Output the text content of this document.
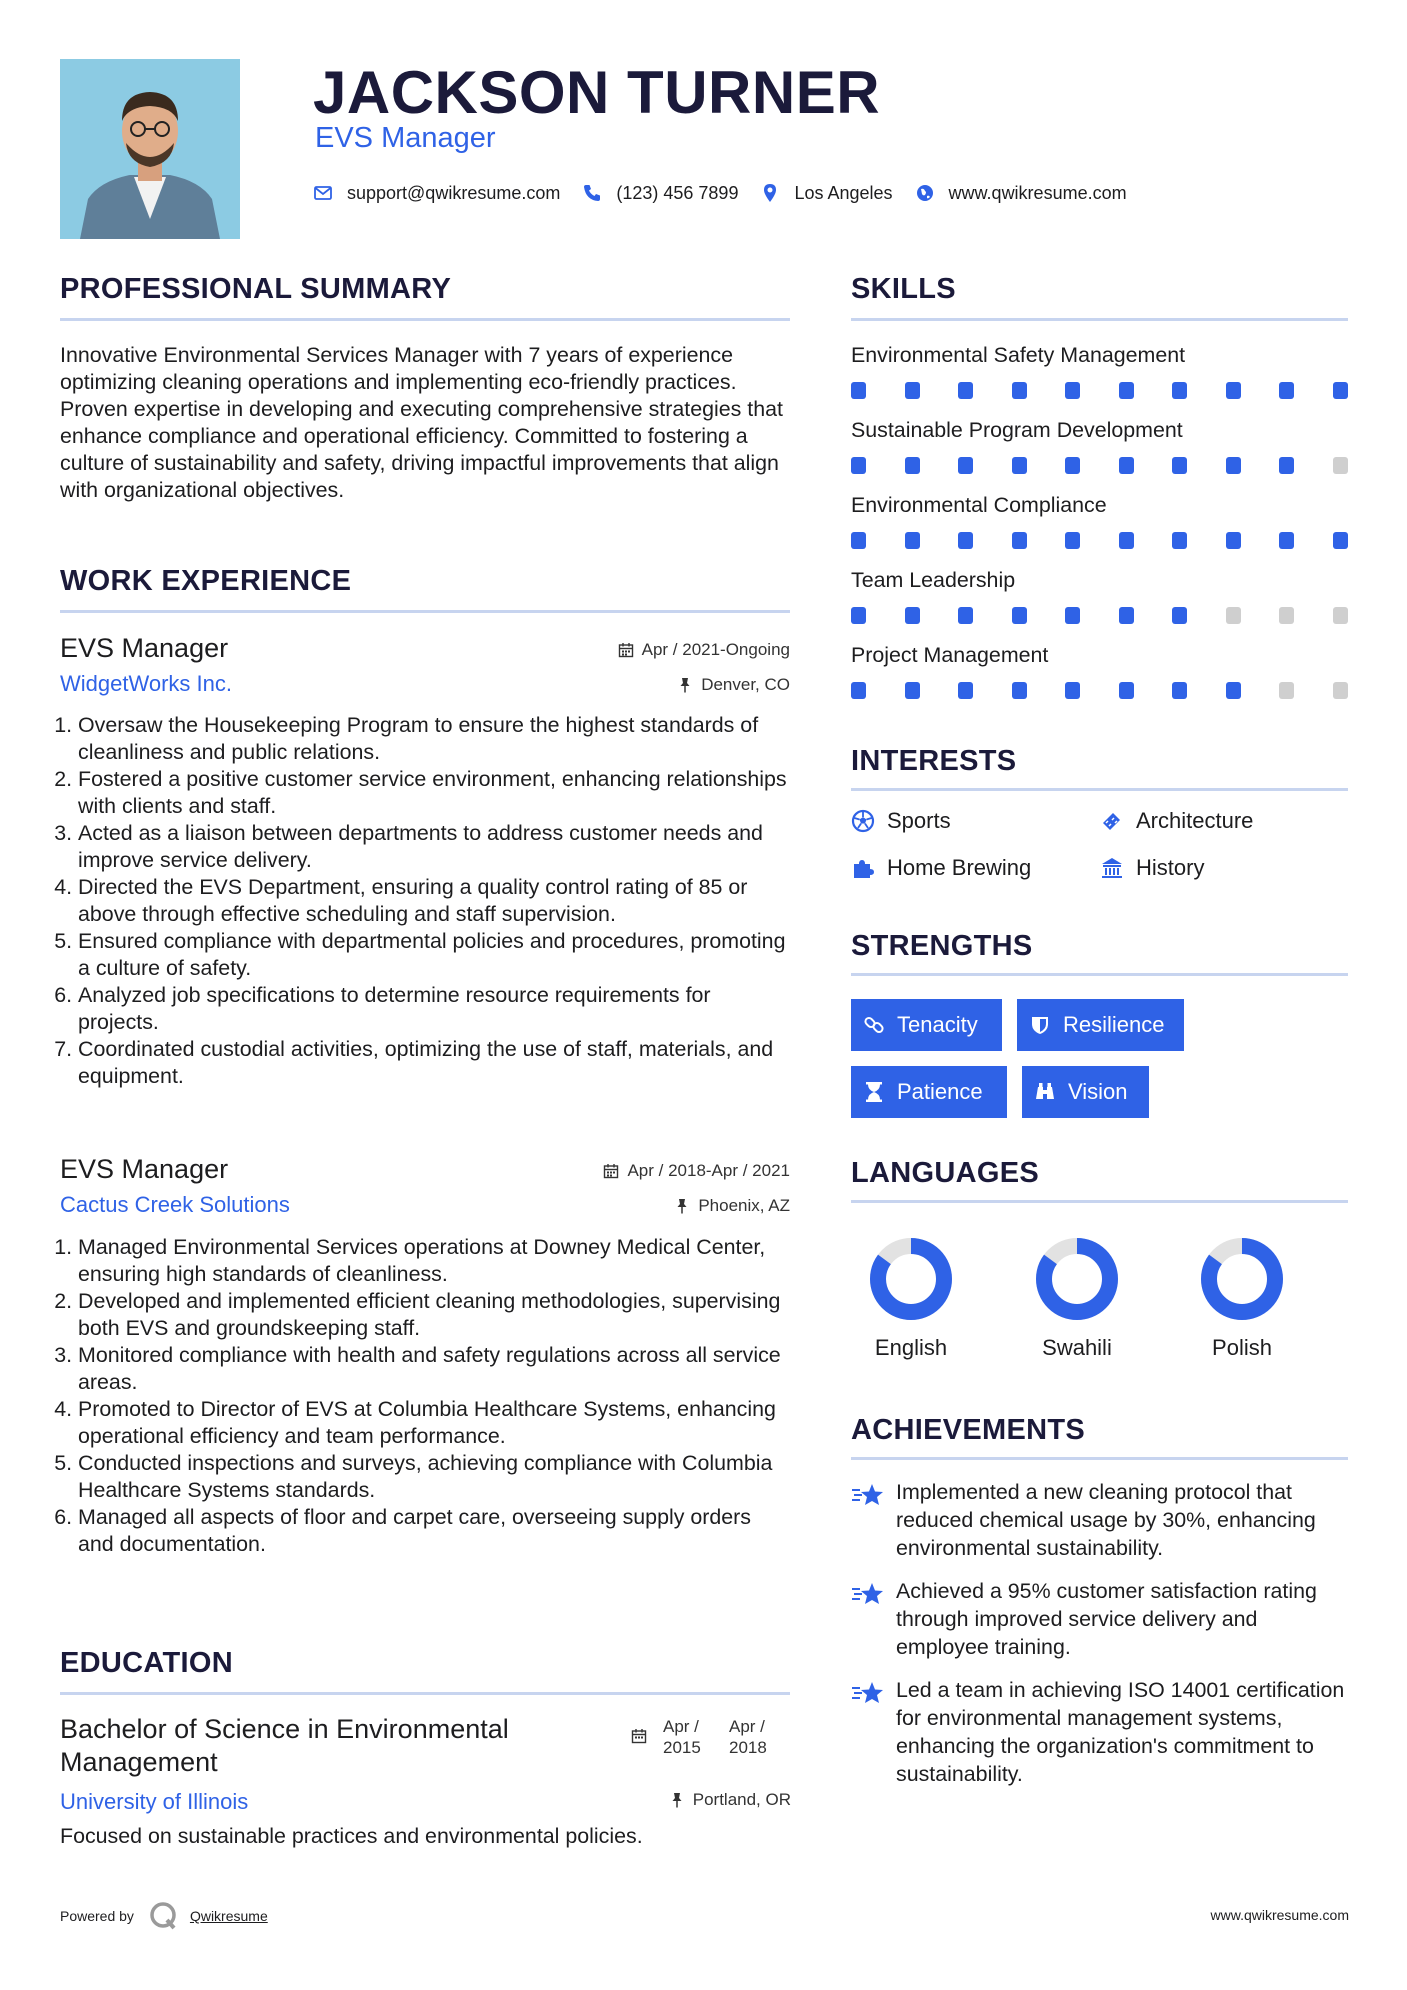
JACKSON TURNER
EVS Manager
support@qwikresume.com	(123) 456 7899	Los Angeles	www.qwikresume.com
PROFESSIONAL SUMMARY
Innovative Environmental Services Manager with 7 years of experience optimizing cleaning operations and implementing eco-friendly practices. Proven expertise in developing and executing comprehensive strategies that enhance compliance and operational efficiency. Committed to fostering a culture of sustainability and safety, driving impactful improvements that align with organizational objectives.
WORK EXPERIENCE
EVS Manager	Apr / 2021-Ongoing
WidgetWorks Inc.	Denver, CO
1. Oversaw the Housekeeping Program to ensure the highest standards of cleanliness and public relations.
2. Fostered a positive customer service environment, enhancing relationships with clients and staff.
3. Acted as a liaison between departments to address customer needs and improve service delivery.
4. Directed the EVS Department, ensuring a quality control rating of 85 or above through effective scheduling and staff supervision.
5. Ensured compliance with departmental policies and procedures, promoting a culture of safety.
6. Analyzed job specifications to determine resource requirements for projects.
7. Coordinated custodial activities, optimizing the use of staff, materials, and equipment.
EVS Manager	Apr / 2018-Apr / 2021
Cactus Creek Solutions	Phoenix, AZ
1. Managed Environmental Services operations at Downey Medical Center, ensuring high standards of cleanliness.
2. Developed and implemented efficient cleaning methodologies, supervising both EVS and groundskeeping staff.
3. Monitored compliance with health and safety regulations across all service areas.
4. Promoted to Director of EVS at Columbia Healthcare Systems, enhancing operational efficiency and team performance.
5. Conducted inspections and surveys, achieving compliance with Columbia Healthcare Systems standards.
6. Managed all aspects of floor and carpet care, overseeing supply orders and documentation.
EDUCATION
Bachelor of Science in Environmental Management
Apr / 2015
Apr / 2018
University of Illinois	Portland, OR
Focused on sustainable practices and environmental policies.
SKILLS
Environmental Safety Management
Sustainable Program Development
Environmental Compliance
Team Leadership
Project Management
INTERESTS
Sports	Architecture
Home Brewing	History
STRENGTHS
Tenacity	Resilience
Patience	Vision
LANGUAGES
English	Swahili	Polish
ACHIEVEMENTS
Implemented a new cleaning protocol that reduced chemical usage by 30%, enhancing environmental sustainability.
Achieved a 95% customer satisfaction rating through improved service delivery and employee training.
Led a team in achieving ISO 14001 certification for environmental management systems, enhancing the organization's commitment to sustainability.
Powered by	Qwikresume	www.qwikresume.com
